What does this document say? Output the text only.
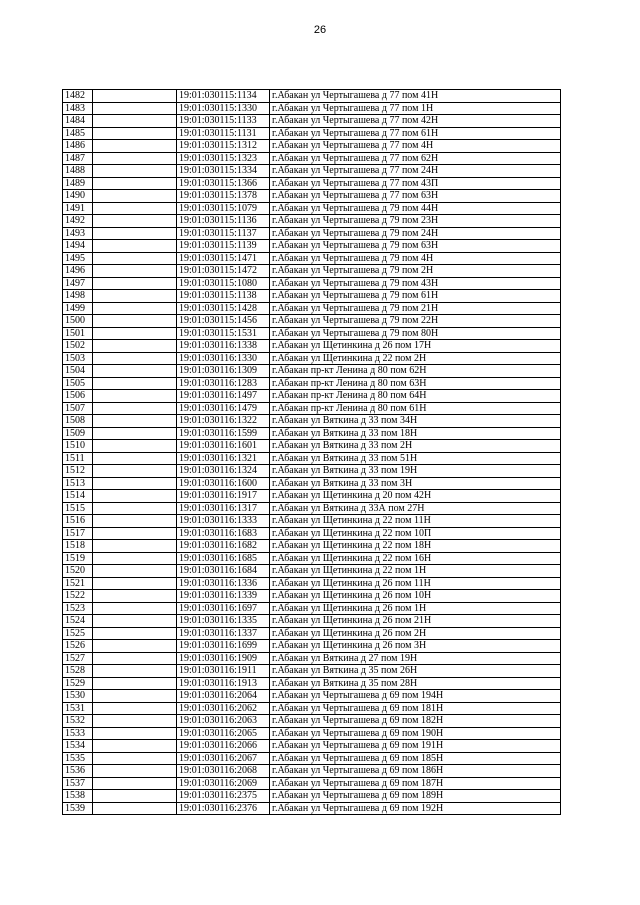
26
1482		19:01:030115:1134	г.Абакан ул Чертыгашева д 77 пом 41Н
1483		19:01:030115:1330	г.Абакан ул Чертыгашева д 77 пом 1Н
1484		19:01:030115:1133	г.Абакан ул Чертыгашева д 77 пом 42Н
1485		19:01:030115:1131	г.Абакан ул Чертыгашева д 77 пом 61Н
1486		19:01:030115:1312	г.Абакан ул Чертыгашева д 77 пом 4Н
1487		19:01:030115:1323	г.Абакан ул Чертыгашева д 77 пом 62Н
1488		19:01:030115:1334	г.Абакан ул Чертыгашева д 77 пом 24Н
1489		19:01:030115:1366	г.Абакан ул Чертыгашева д 77 пом 43П
1490		19:01:030115:1378	г.Абакан ул Чертыгашева д 77 пом 63Н
1491		19:01:030115:1079	г.Абакан ул Чертыгашева д 79 пом 44Н
1492		19:01:030115:1136	г.Абакан ул Чертыгашева д 79 пом 23Н
1493		19:01:030115:1137	г.Абакан ул Чертыгашева д 79 пом 24Н
1494		19:01:030115:1139	г.Абакан ул Чертыгашева д 79 пом 63Н
1495		19:01:030115:1471	г.Абакан ул Чертыгашева д 79 пом 4Н
1496		19:01:030115:1472	г.Абакан ул Чертыгашева д 79 пом 2Н
1497		19:01:030115:1080	г.Абакан ул Чертыгашева д 79 пом 43Н
1498		19:01:030115:1138	г.Абакан ул Чертыгашева д 79 пом 61Н
1499		19:01:030115:1428	г.Абакан ул Чертыгашева д 79 пом 21Н
1500		19:01:030115:1456	г.Абакан ул Чертыгашева д 79 пом 22Н
1501		19:01:030115:1531	г.Абакан ул Чертыгашева д 79 пом 80Н
1502		19:01:030116:1338	г.Абакан ул Щетинкина д 26 пом 17Н
1503		19:01:030116:1330	г.Абакан ул Щетинкина д 22 пом 2Н
1504		19:01:030116:1309	г.Абакан пр-кт Ленина д 80 пом 62Н
1505		19:01:030116:1283	г.Абакан пр-кт Ленина д 80 пом 63Н
1506		19:01:030116:1497	г.Абакан пр-кт Ленина д 80 пом 64Н
1507		19:01:030116:1479	г.Абакан пр-кт Ленина д 80 пом 61Н
1508		19:01:030116:1322	г.Абакан ул Вяткина д 33 пом 34Н
1509		19:01:030116:1599	г.Абакан ул Вяткина д 33 пом 18Н
1510		19:01:030116:1601	г.Абакан ул Вяткина д 33 пом 2Н
1511		19:01:030116:1321	г.Абакан ул Вяткина д 33 пом 51Н
1512		19:01:030116:1324	г.Абакан ул Вяткина д 33 пом 19Н
1513		19:01:030116:1600	г.Абакан ул Вяткина д 33 пом 3Н
1514		19:01:030116:1917	г.Абакан ул Щетинкина д 20 пом 42Н
1515		19:01:030116:1317	г.Абакан ул Вяткина д 33А пом 27Н
1516		19:01:030116:1333	г.Абакан ул Щетинкина д 22 пом 11Н
1517		19:01:030116:1683	г.Абакан ул Щетинкина д 22 пом 10П
1518		19:01:030116:1682	г.Абакан ул Щетинкина д 22 пом 18Н
1519		19:01:030116:1685	г.Абакан ул Щетинкина д 22 пом 16Н
1520		19:01:030116:1684	г.Абакан ул Щетинкина д 22 пом 1Н
1521		19:01:030116:1336	г.Абакан ул Щетинкина д 26 пом 11Н
1522		19:01:030116:1339	г.Абакан ул Щетинкина д 26 пом 10Н
1523		19:01:030116:1697	г.Абакан ул Щетинкина д 26 пом 1Н
1524		19:01:030116:1335	г.Абакан ул Щетинкина д 26 пом 21Н
1525		19:01:030116:1337	г.Абакан ул Щетинкина д 26 пом 2Н
1526		19:01:030116:1699	г.Абакан ул Щетинкина д 26 пом 3Н
1527		19:01:030116:1909	г.Абакан ул Вяткина д 27 пом 19Н
1528		19:01:030116:1911	г.Абакан ул Вяткина д 35 пом 26Н
1529		19:01:030116:1913	г.Абакан ул Вяткина д 35 пом 28Н
1530		19:01:030116:2064	г.Абакан ул Чертыгашева д 69 пом 194Н
1531		19:01:030116:2062	г.Абакан ул Чертыгашева д 69 пом 181Н
1532		19:01:030116:2063	г.Абакан ул Чертыгашева д 69 пом 182Н
1533		19:01:030116:2065	г.Абакан ул Чертыгашева д 69 пом 190Н
1534		19:01:030116:2066	г.Абакан ул Чертыгашева д 69 пом 191Н
1535		19:01:030116:2067	г.Абакан ул Чертыгашева д 69 пом 185Н
1536		19:01:030116:2068	г.Абакан ул Чертыгашева д 69 пом 186Н
1537		19:01:030116:2069	г.Абакан ул Чертыгашева д 69 пом 187Н
1538		19:01:030116:2375	г.Абакан ул Чертыгашева д 69 пом 189Н
1539		19:01:030116:2376	г.Абакан ул Чертыгашева д 69 пом 192Н
